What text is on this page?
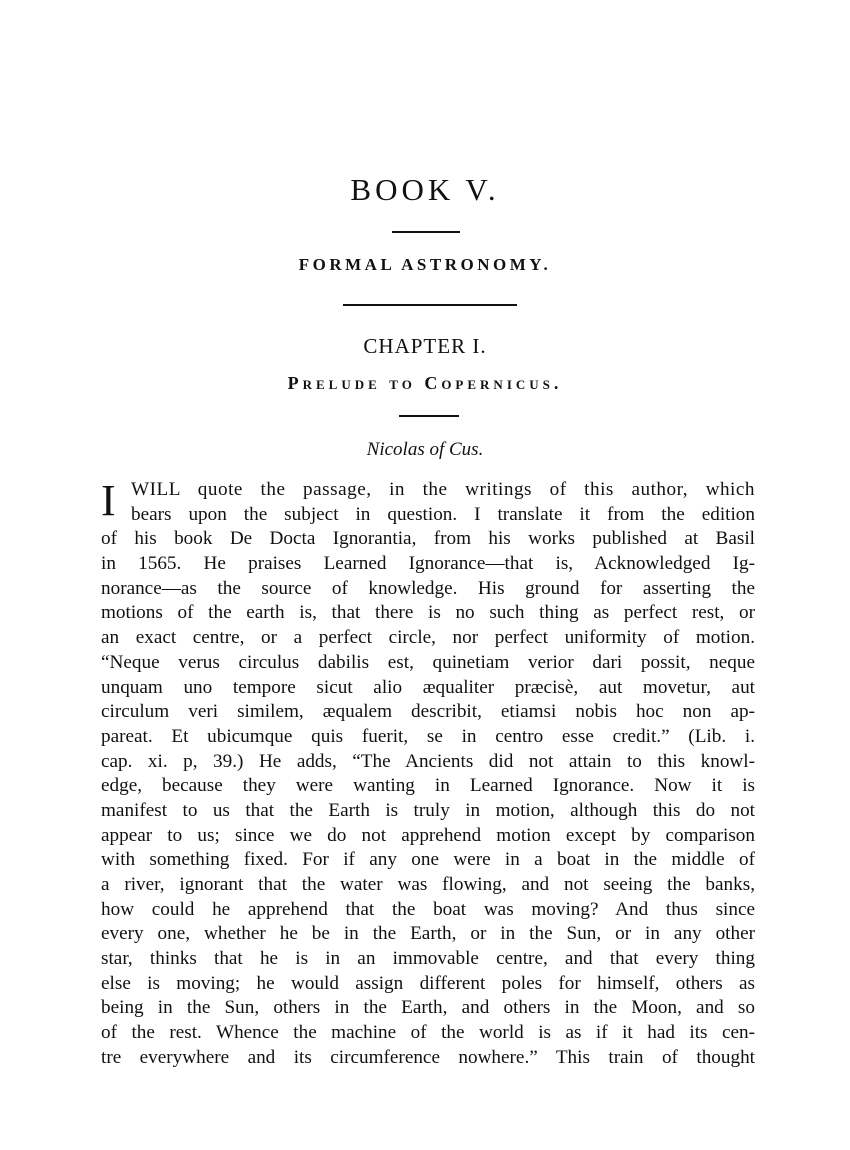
BOOK V.
FORMAL ASTRONOMY.
CHAPTER I.
Prelude to Copernicus.
Nicolas of Cus.
I WILL quote the passage, in the writings of this author, which
bears upon the subject in question. I translate it from the edition
of his book De Docta Ignorantia, from his works published at Basil
in 1565. He praises Learned Ignorance—that is, Acknowledged Ig-
norance—as the source of knowledge. His ground for asserting the
motions of the earth is, that there is no such thing as perfect rest, or
an exact centre, or a perfect circle, nor perfect uniformity of motion.
“Neque verus circulus dabilis est, quinetiam verior dari possit, neque
unquam uno tempore sicut alio æqualiter præcisè, aut movetur, aut
circulum veri similem, æqualem describit, etiamsi nobis hoc non ap-
pareat. Et ubicumque quis fuerit, se in centro esse credit.” (Lib. i.
cap. xi. p, 39.) He adds, “The Ancients did not attain to this knowl-
edge, because they were wanting in Learned Ignorance. Now it is
manifest to us that the Earth is truly in motion, although this do not
appear to us; since we do not apprehend motion except by comparison
with something fixed. For if any one were in a boat in the middle of
a river, ignorant that the water was flowing, and not seeing the banks,
how could he apprehend that the boat was moving? And thus since
every one, whether he be in the Earth, or in the Sun, or in any other
star, thinks that he is in an immovable centre, and that every thing
else is moving; he would assign different poles for himself, others as
being in the Sun, others in the Earth, and others in the Moon, and so
of the rest. Whence the machine of the world is as if it had its cen-
tre everywhere and its circumference nowhere.” This train of thought
